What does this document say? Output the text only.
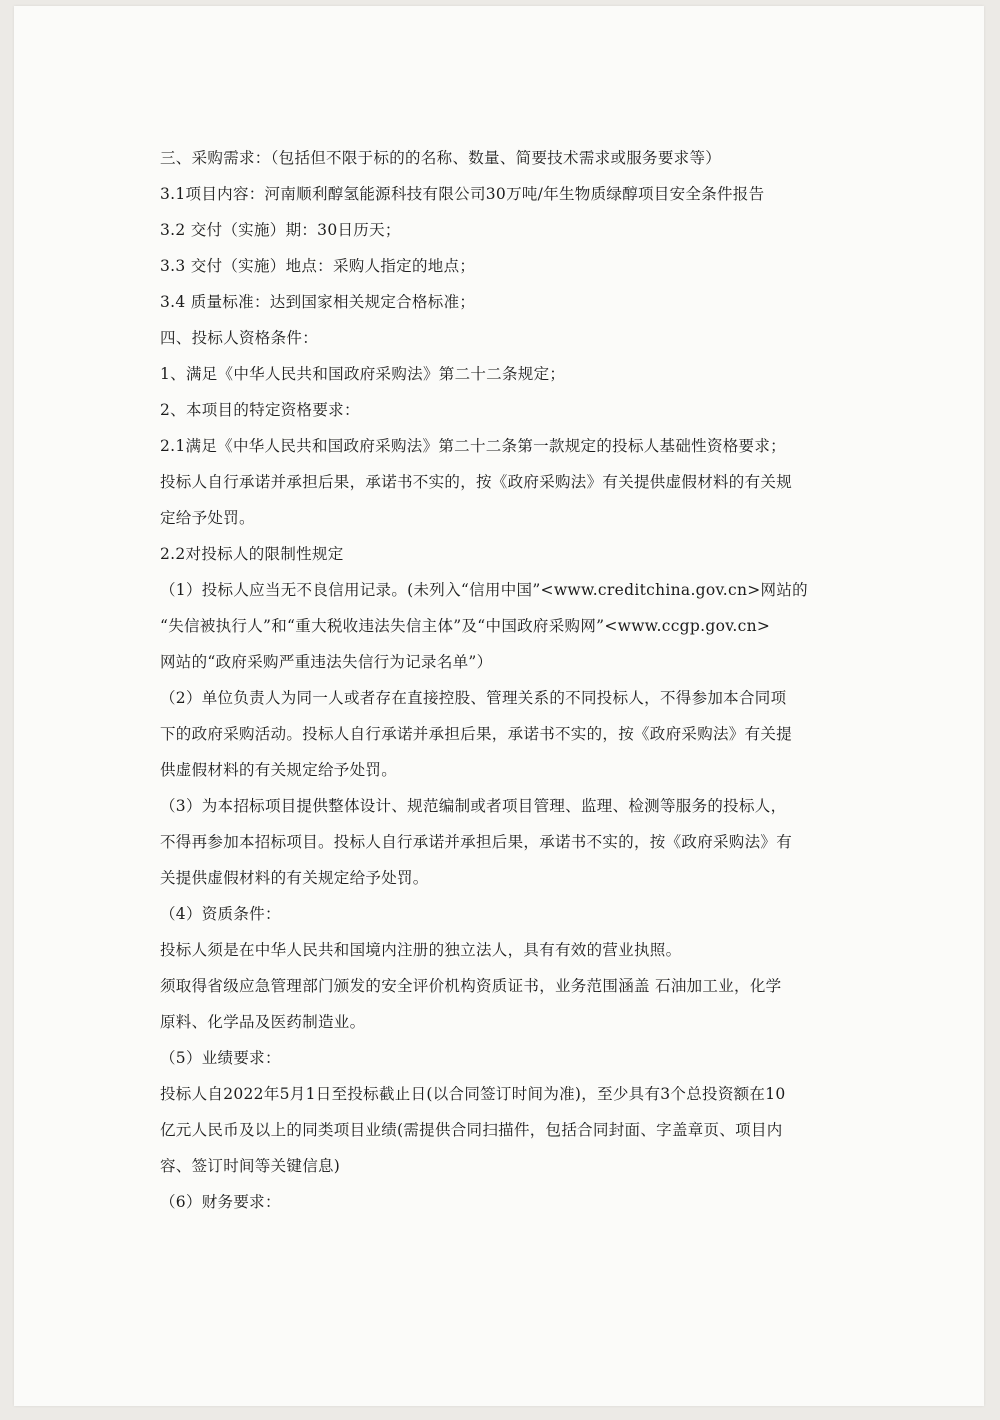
三、采购需求：（包括但不限于标的的名称、数量、简要技术需求或服务要求等）

3.1项目内容：河南顺利醇氢能源科技有限公司30万吨/年生物质绿醇项目安全条件报告

3.2 交付（实施）期：30日历天；

3.3 交付（实施）地点：采购人指定的地点；

3.4 质量标准：达到国家相关规定合格标准；

四、投标人资格条件：

1、满足《中华人民共和国政府采购法》第二十二条规定；

2、本项目的特定资格要求：

2.1满足《中华人民共和国政府采购法》第二十二条第一款规定的投标人基础性资格要求；

投标人自行承诺并承担后果，承诺书不实的，按《政府采购法》有关提供虚假材料的有关规

定给予处罚。

2.2对投标人的限制性规定

（1）投标人应当无不良信用记录。(未列入“信用中国”<www.creditchina.gov.cn>网站的

“失信被执行人”和“重大税收违法失信主体”及“中国政府采购网”<www.ccgp.gov.cn>

网站的“政府采购严重违法失信行为记录名单”）

（2）单位负责人为同一人或者存在直接控股、管理关系的不同投标人，不得参加本合同项

下的政府采购活动。投标人自行承诺并承担后果，承诺书不实的，按《政府采购法》有关提

供虚假材料的有关规定给予处罚。

（3）为本招标项目提供整体设计、规范编制或者项目管理、监理、检测等服务的投标人，

不得再参加本招标项目。投标人自行承诺并承担后果，承诺书不实的，按《政府采购法》有

关提供虚假材料的有关规定给予处罚。

（4）资质条件：

投标人须是在中华人民共和国境内注册的独立法人，具有有效的营业执照。

须取得省级应急管理部门颁发的安全评价机构资质证书，业务范围涵盖 石油加工业，化学

原料、化学品及医药制造业。

（5）业绩要求：

投标人自2022年5月1日至投标截止日(以合同签订时间为准)，至少具有3个总投资额在10

亿元人民币及以上的同类项目业绩(需提供合同扫描件，包括合同封面、字盖章页、项目内

容、签订时间等关键信息)

（6）财务要求：
